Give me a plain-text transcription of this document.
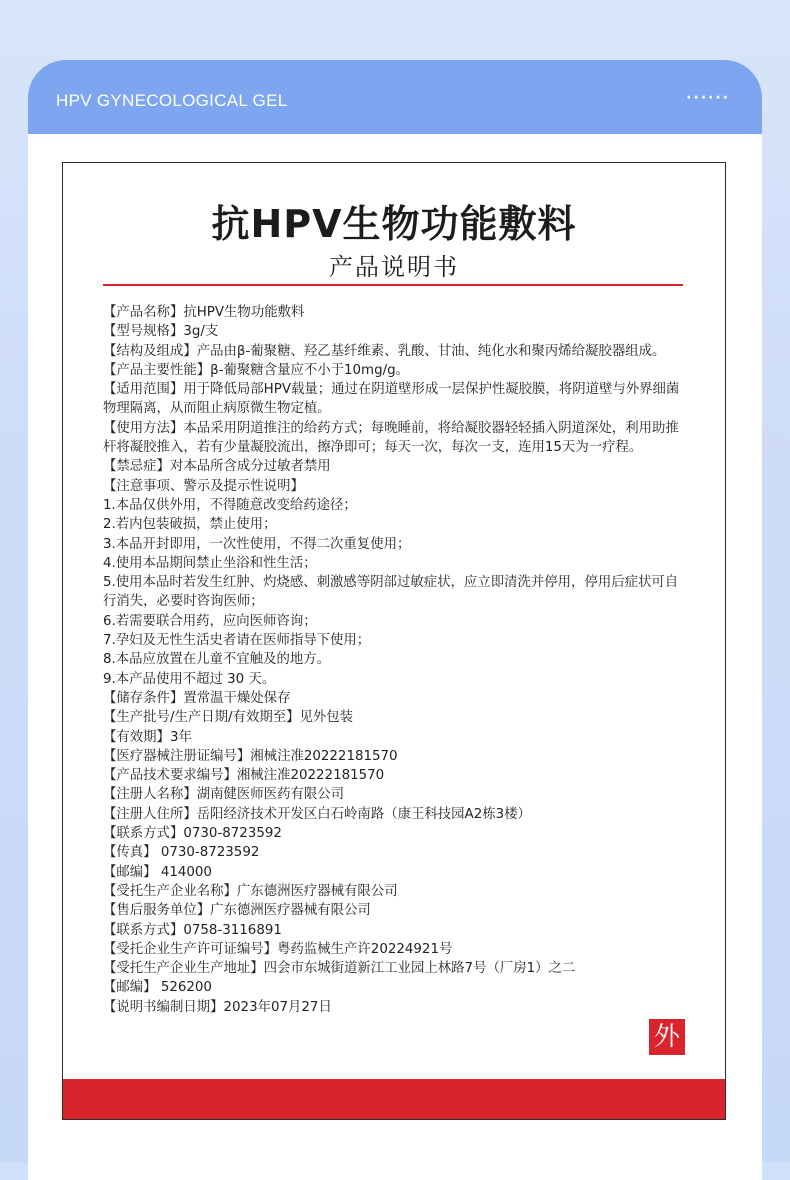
HPV GYNECOLOGICAL GEL	······
抗HPV生物功能敷料
产品说明书
【产品名称】抗HPV生物功能敷料
【型号规格】3g/支
【结构及组成】产品由β-葡聚糖、羟乙基纤维素、乳酸、甘油、纯化水和聚丙烯给凝胶器组成。
【产品主要性能】β-葡聚糖含量应不小于10mg/g。
【适用范围】用于降低局部HPV载量；通过在阴道壁形成一层保护性凝胶膜，将阴道壁与外界细菌物理隔离，从而阻止病原微生物定植。
【使用方法】本品采用阴道推注的给药方式；每晚睡前，将给凝胶器轻轻插入阴道深处，利用助推杆将凝胶推入，若有少量凝胶流出，擦净即可；每天一次，每次一支，连用15天为一疗程。
【禁忌症】对本品所含成分过敏者禁用
【注意事项、警示及提示性说明】
1.本品仅供外用，不得随意改变给药途径；
2.若内包装破损，禁止使用；
3.本品开封即用，一次性使用，不得二次重复使用；
4.使用本品期间禁止坐浴和性生活；
5.使用本品时若发生红肿、灼烧感、刺激感等阴部过敏症状，应立即清洗并停用，停用后症状可自行消失，必要时咨询医师；
6.若需要联合用药，应向医师咨询；
7.孕妇及无性生活史者请在医师指导下使用；
8.本品应放置在儿童不宜触及的地方。
9.本产品使用不超过 30 天。
【储存条件】置常温干燥处保存
【生产批号/生产日期/有效期至】见外包装
【有效期】3年
【医疗器械注册证编号】湘械注准20222181570
【产品技术要求编号】湘械注准20222181570
【注册人名称】湖南健医师医药有限公司
【注册人住所】岳阳经济技术开发区白石岭南路（康王科技园A2栋3楼）
【联系方式】0730-8723592
【传真】 0730-8723592
【邮编】 414000
【受托生产企业名称】广东德洲医疗器械有限公司
【售后服务单位】广东德洲医疗器械有限公司
【联系方式】0758-3116891
【受托企业生产许可证编号】粤药监械生产许20224921号
【受托生产企业生产地址】四会市东城街道新江工业园上林路7号（厂房1）之二
【邮编】 526200
【说明书编制日期】2023年07月27日
外
